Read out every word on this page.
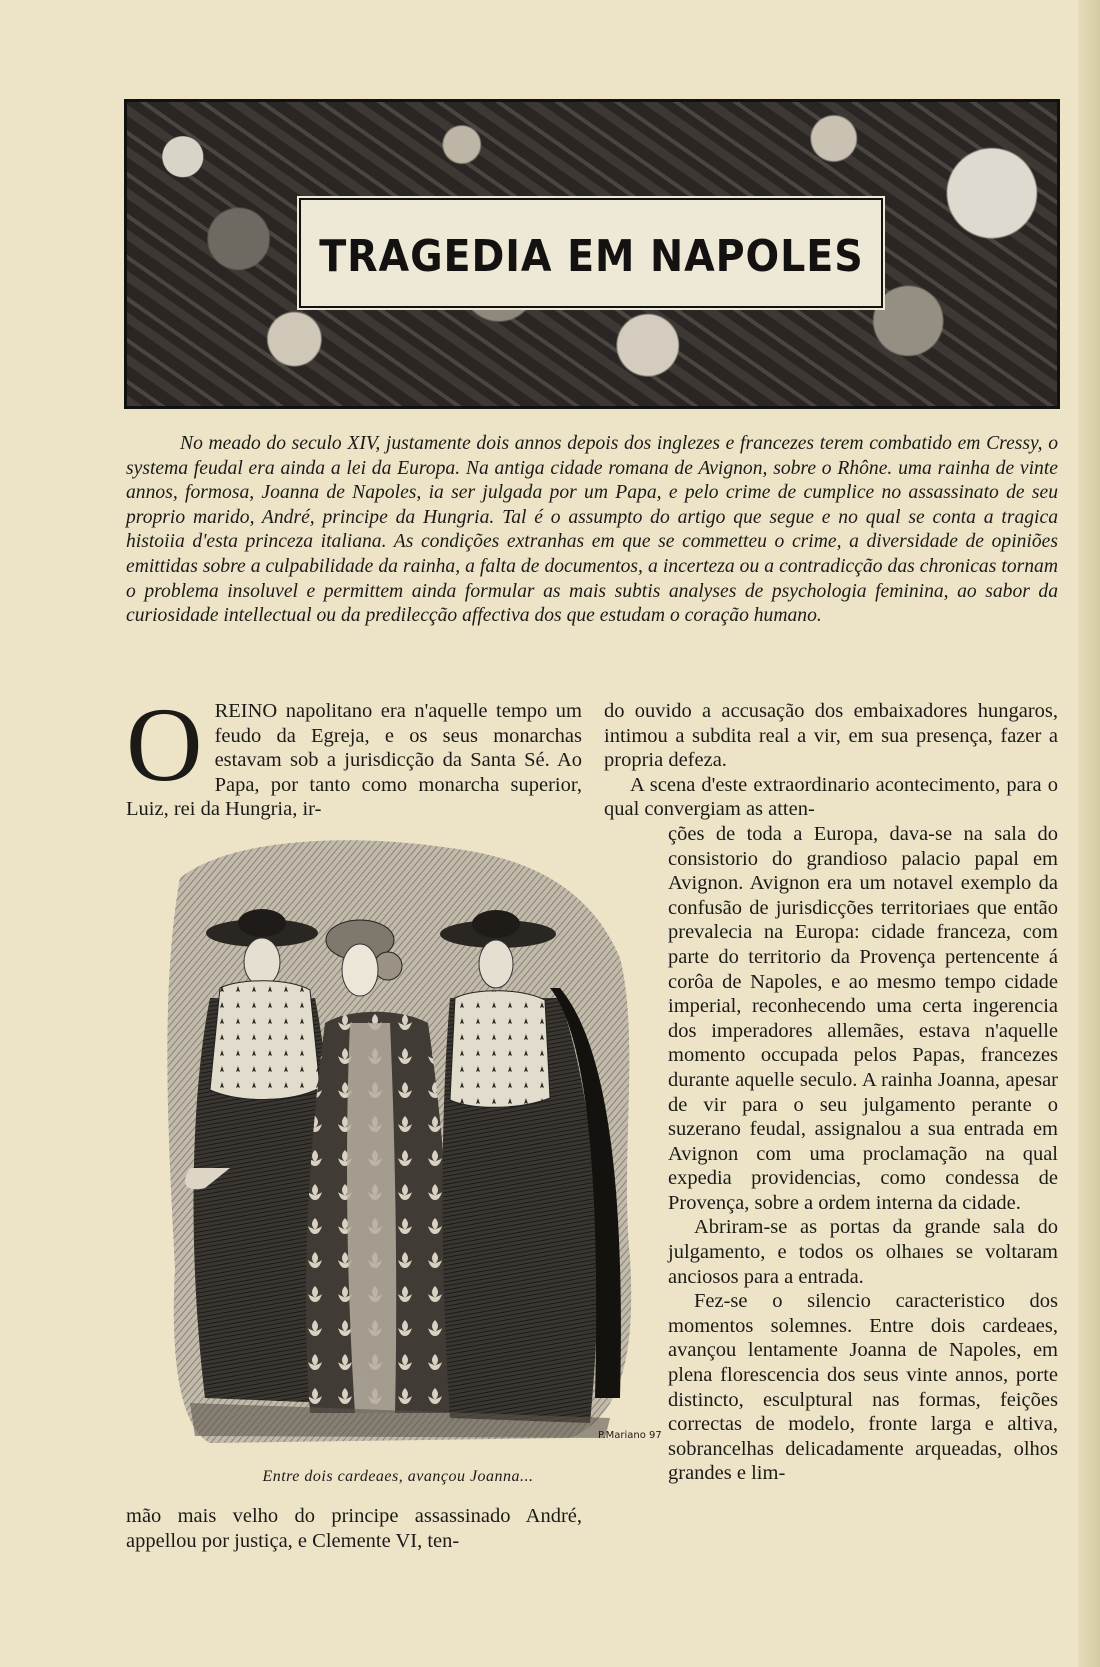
TRAGEDIA EM NAPOLES

No meado do seculo XIV, justamente dois annos depois dos inglezes e francezes terem combatido em Cressy, o systema feudal era ainda a lei da Europa. Na antiga cidade romana de Avignon, sobre o Rhône. uma rainha de vinte annos, formosa, Joanna de Napoles, ia ser julgada por um Papa, e pelo crime de cumplice no assassinato de seu proprio marido, André, principe da Hungria. Tal é o assumpto do artigo que segue e no qual se conta a tragica histoiia d'esta princeza italiana. As condições extranhas em que se commetteu o crime, a diversidade de opiniões emittidas sobre a culpabilidade da rainha, a falta de documentos, a incerteza ou a contradicção das chronicas tornam o problema insoluvel e permittem ainda formular as mais subtis analyses de psychologia feminina, ao sabor da curiosidade intellectual ou da predilecção affectiva dos que estudam o coração humano.

OREINO napolitano era n'aquelle tempo um feudo da Egreja, e os seus monarchas estavam sob a jurisdicção da Santa Sé. Ao Papa, por tanto como monarcha superior, Luiz, rei da Hungria, ir-

P.Mariano 97
Entre dois cardeaes, avançou Joanna...

mão mais velho do principe assassinado André, appellou por justiça, e Clemente VI, ten-

do ouvido a accusação dos embaixadores hungaros, intimou a subdita real a vir, em sua presença, fazer a propria defeza.

A scena d'este extraordinario acontecimento, para o qual convergiam as atten-

ções de toda a Europa, dava-se na sala do consistorio do grandioso palacio papal em Avignon. Avignon era um notavel exemplo da confusão de jurisdicções territoriaes que então prevalecia na Europa: cidade franceza, com parte do territorio da Provença pertencente á corôa de Napoles, e ao mesmo tempo cidade imperial, reconhecendo uma certa ingerencia dos imperadores allemães, estava n'aquelle momento occupada pelos Papas, francezes durante aquelle seculo. A rainha Joanna, apesar de vir para o seu julgamento perante o suzerano feudal, assignalou a sua entrada em Avignon com uma proclamação na qual expedia providencias, como condessa de Provença, sobre a ordem interna da cidade.

Abriram-se as portas da grande sala do julgamento, e todos os olhaıes se voltaram anciosos para a entrada.

Fez-se o silencio caracteristico dos momentos solemnes. Entre dois cardeaes, avançou lentamente Joanna de Napoles, em plena florescencia dos seus vinte annos, porte distincto, esculptural nas formas, feições correctas de modelo, fronte larga e altiva, sobrancelhas delicadamente arqueadas, olhos grandes e lim-
